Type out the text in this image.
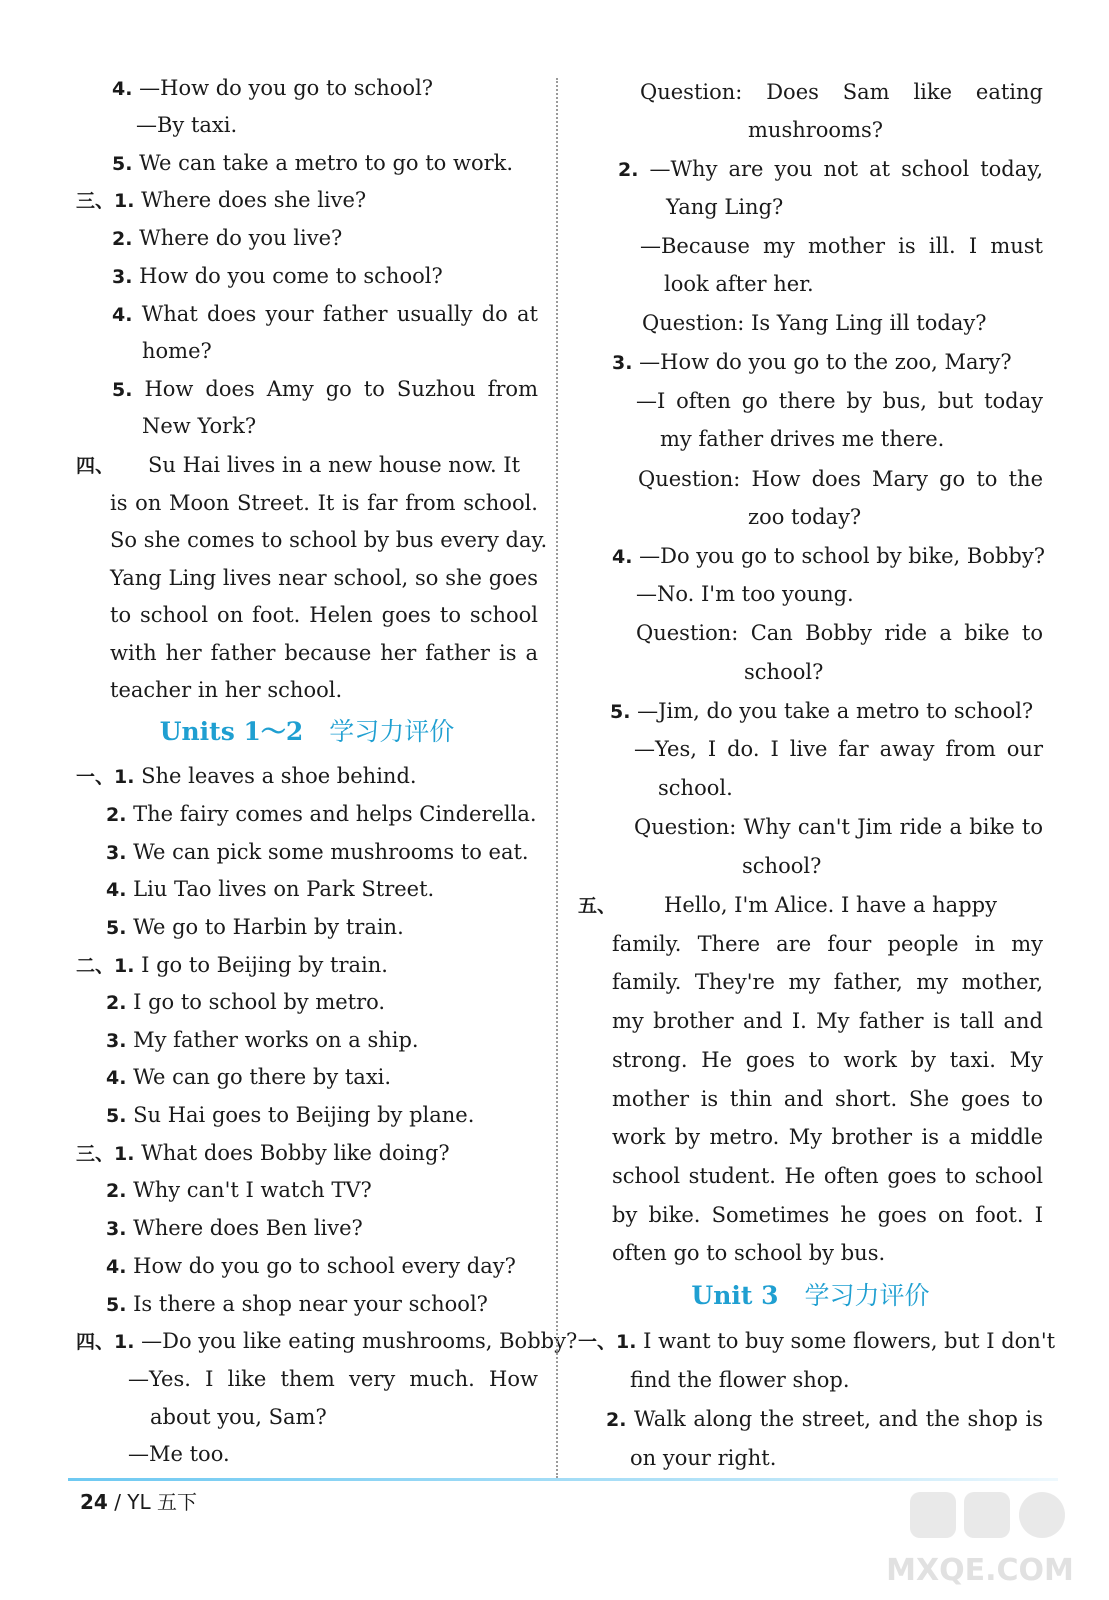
4. —How do you go to school?
—By taxi.
5. We can take a metro to go to work.
三、1. Where does she live?
2. Where do you live?
3. How do you come to school?
4. What does your father usually do at
home?
5. How does Amy go to Suzhou from
New York?
四、 Su Hai lives in a new house now. It
is on Moon Street. It is far from school.
So she comes to school by bus every day.
Yang Ling lives near school, so she goes
to school on foot. Helen goes to school
with her father because her father is a
teacher in her school.
Units 1～2 学习力评价
一、1. She leaves a shoe behind.
2. The fairy comes and helps Cinderella.
3. We can pick some mushrooms to eat.
4. Liu Tao lives on Park Street.
5. We go to Harbin by train.
二、1. I go to Beijing by train.
2. I go to school by metro.
3. My father works on a ship.
4. We can go there by taxi.
5. Su Hai goes to Beijing by plane.
三、1. What does Bobby like doing?
2. Why can't I watch TV?
3. Where does Ben live?
4. How do you go to school every day?
5. Is there a shop near your school?
四、1. —Do you like eating mushrooms, Bobby?
—Yes. I like them very much. How
about you, Sam?
—Me too.
Question: Does Sam like eating
mushrooms?
2. —Why are you not at school today,
Yang Ling?
—Because my mother is ill. I must
look after her.
Question: Is Yang Ling ill today?
3. —How do you go to the zoo, Mary?
—I often go there by bus, but today
my father drives me there.
Question: How does Mary go to the
zoo today?
4. —Do you go to school by bike, Bobby?
—No. I'm too young.
Question: Can Bobby ride a bike to
school?
5. —Jim, do you take a metro to school?
—Yes, I do. I live far away from our
school.
Question: Why can't Jim ride a bike to
school?
五、 Hello, I'm Alice. I have a happy
family. There are four people in my
family. They're my father, my mother,
my brother and I. My father is tall and
strong. He goes to work by taxi. My
mother is thin and short. She goes to
work by metro. My brother is a middle
school student. He often goes to school
by bike. Sometimes he goes on foot. I
often go to school by bus.
Unit 3 学习力评价
一、1. I want to buy some flowers, but I don't
find the flower shop.
2. Walk along the street, and the shop is
on your right.
24 / YL 五下
MXQE.COM
